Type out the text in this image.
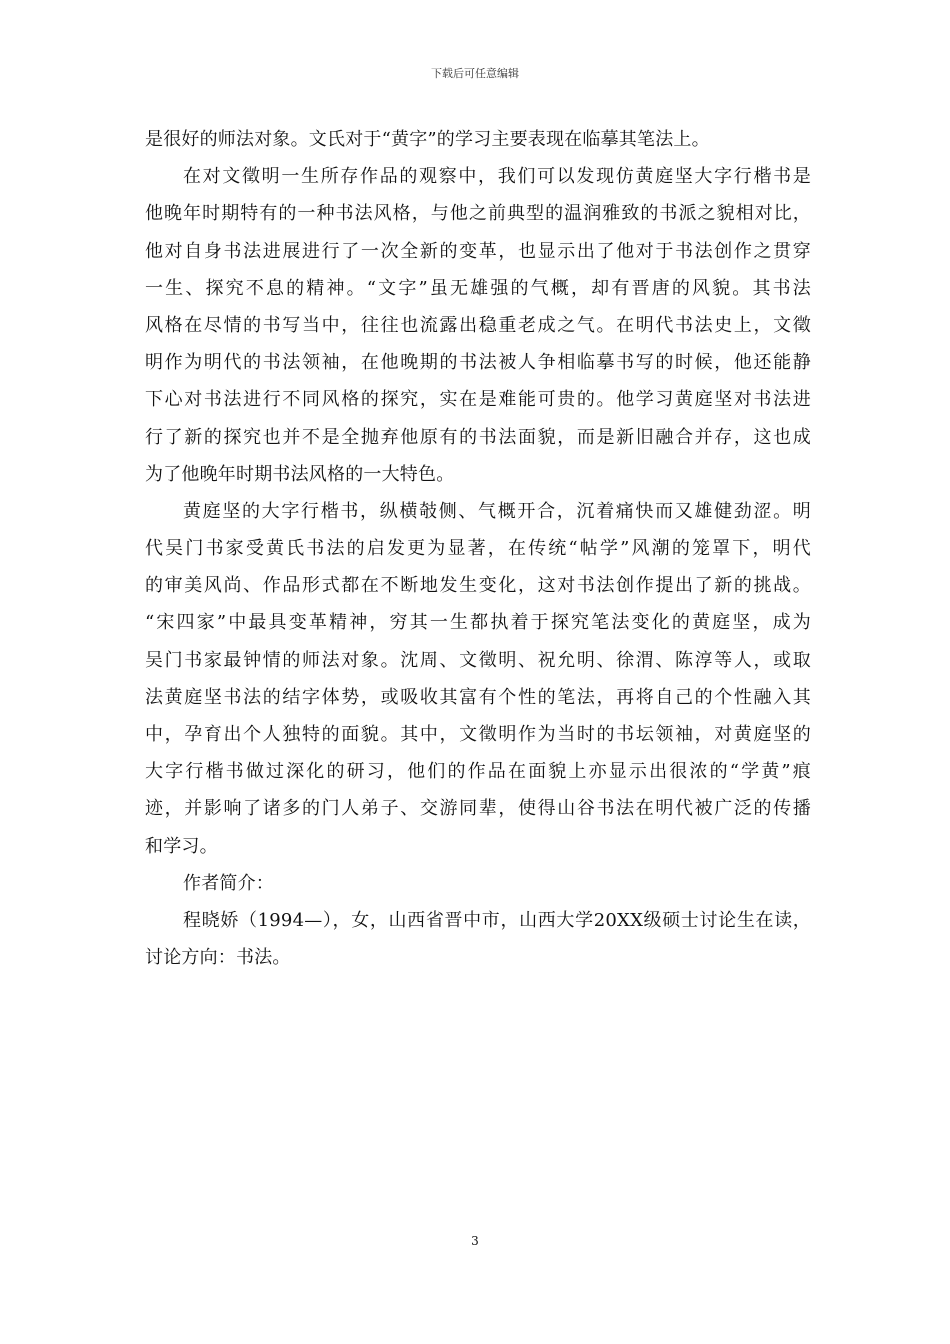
下载后可任意编辑
是很好的师法对象。文氏对于“黄字”的学习主要表现在临摹其笔法上。
在对文徵明一生所存作品的观察中，我们可以发现仿黄庭坚大字行楷书是
他晚年时期特有的一种书法风格，与他之前典型的温润雅致的书派之貌相对比，
他对自身书法进展进行了一次全新的变革，也显示出了他对于书法创作之贯穿
一生、探究不息的精神。“文字”虽无雄强的气概，却有晋唐的风貌。其书法
风格在尽情的书写当中，往往也流露出稳重老成之气。在明代书法史上，文徵
明作为明代的书法领袖，在他晚期的书法被人争相临摹书写的时候，他还能静
下心对书法进行不同风格的探究，实在是难能可贵的。他学习黄庭坚对书法进
行了新的探究也并不是全抛弃他原有的书法面貌，而是新旧融合并存，这也成
为了他晚年时期书法风格的一大特色。
黄庭坚的大字行楷书，纵横攲侧、气概开合，沉着痛快而又雄健劲涩。明
代吴门书家受黄氏书法的启发更为显著，在传统“帖学”风潮的笼罩下，明代
的审美风尚、作品形式都在不断地发生变化，这对书法创作提出了新的挑战。
“宋四家”中最具变革精神，穷其一生都执着于探究笔法变化的黄庭坚，成为
吴门书家最钟情的师法对象。沈周、文徵明、祝允明、徐渭、陈淳等人，或取
法黄庭坚书法的结字体势，或吸收其富有个性的笔法，再将自己的个性融入其
中，孕育出个人独特的面貌。其中，文徵明作为当时的书坛领袖，对黄庭坚的
大字行楷书做过深化的研习，他们的作品在面貌上亦显示出很浓的“学黄”痕
迹，并影响了诸多的门人弟子、交游同辈，使得山谷书法在明代被广泛的传播
和学习。
作者简介：
程晓娇（1994—），女，山西省晋中市，山西大学20XX级硕士讨论生在读，
讨论方向：书法。
3
